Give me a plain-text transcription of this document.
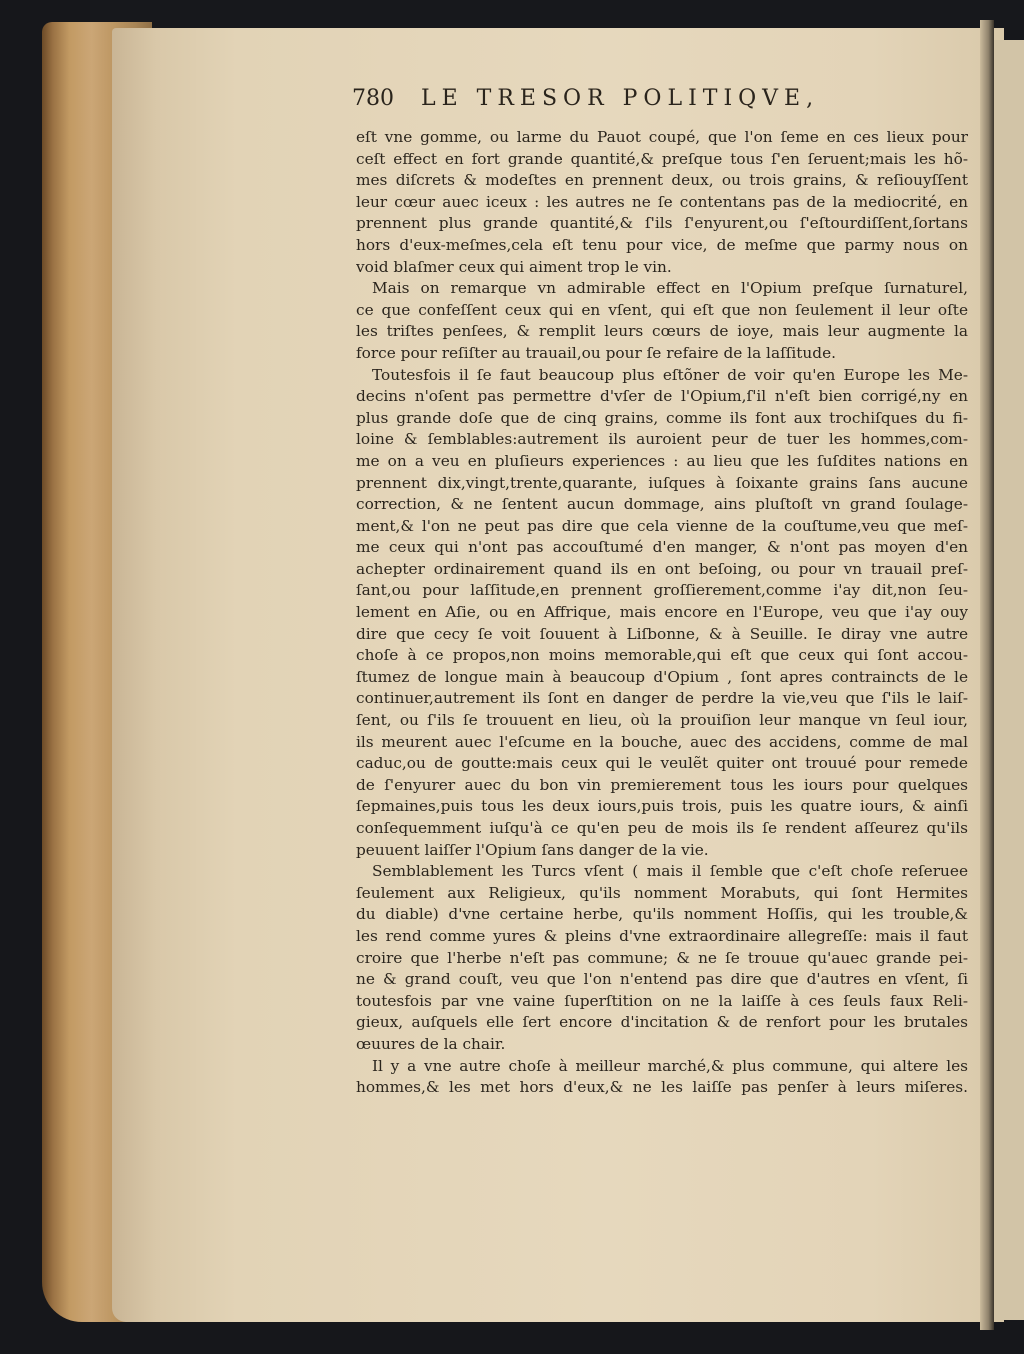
780 LE TRESOR POLITIQVE,
eſt vne gomme, ou larme du Pauot coupé, que l'on ſeme en ces lieux pour
ceſt effect en fort grande quantité,& preſque tous ſ'en ſeruent;mais les hõ-
mes diſcrets & modeſtes en prennent deux, ou trois grains, & reſiouyſſent
leur cœur auec iceux : les autres ne ſe contentans pas de la mediocrité, en
prennent plus grande quantité,& ſ'ils ſ'enyurent,ou ſ'eſtourdiſſent,ſortans
hors d'eux-meſmes,cela eſt tenu pour vice, de meſme que parmy nous on
void blaſmer ceux qui aiment trop le vin.
Mais on remarque vn admirable effect en l'Opium preſque ſurnaturel,
ce que confeſſent ceux qui en vſent, qui eſt que non ſeulement il leur oſte
les triſtes penſees, & remplit leurs cœurs de ioye, mais leur augmente la
force pour reſiſter au trauail,ou pour ſe refaire de la laſſitude.
Toutesfois il ſe faut beaucoup plus eſtõner de voir qu'en Europe les Me-
decins n'oſent pas permettre d'vſer de l'Opium,ſ'il n'eſt bien corrigé,ny en
plus grande doſe que de cinq grains, comme ils font aux trochiſques du fi-
loine & ſemblables:autrement ils auroient peur de tuer les hommes,com-
me on a veu en pluſieurs experiences : au lieu que les ſuſdites nations en
prennent dix,vingt,trente,quarante, iuſques à ſoixante grains ſans aucune
correction, & ne ſentent aucun dommage, ains pluſtoſt vn grand ſoulage-
ment,& l'on ne peut pas dire que cela vienne de la couſtume,veu que meſ-
me ceux qui n'ont pas accouſtumé d'en manger, & n'ont pas moyen d'en
achepter ordinairement quand ils en ont beſoing, ou pour vn trauail preſ-
ſant,ou pour laſſitude,en prennent groſſierement,comme i'ay dit,non ſeu-
lement en Aſie, ou en Affrique, mais encore en l'Europe, veu que i'ay ouy
dire que cecy ſe voit ſouuent à Liſbonne, & à Seuille. Ie diray vne autre
choſe à ce propos,non moins memorable,qui eſt que ceux qui ſont accou-
ſtumez de longue main à beaucoup d'Opium , ſont apres contraincts de le
continuer,autrement ils ſont en danger de perdre la vie,veu que ſ'ils le laiſ-
ſent, ou ſ'ils ſe trouuent en lieu, où la prouiſion leur manque vn ſeul iour,
ils meurent auec l'eſcume en la bouche, auec des accidens, comme de mal
caduc,ou de goutte:mais ceux qui le veulẽt quiter ont trouué pour remede
de ſ'enyurer auec du bon vin premierement tous les iours pour quelques
ſepmaines,puis tous les deux iours,puis trois, puis les quatre iours, & ainſi
conſequemment iuſqu'à ce qu'en peu de mois ils ſe rendent aſſeurez qu'ils
peuuent laiſſer l'Opium ſans danger de la vie.
Semblablement les Turcs vſent ( mais il ſemble que c'eſt choſe reſeruee
ſeulement aux Religieux, qu'ils nomment Morabuts, qui ſont Hermites
du diable) d'vne certaine herbe, qu'ils nomment Hoſſis, qui les trouble,&
les rend comme yures & pleins d'vne extraordinaire allegreſſe: mais il faut
croire que l'herbe n'eſt pas commune; & ne ſe trouue qu'auec grande pei-
ne & grand couſt, veu que l'on n'entend pas dire que d'autres en vſent, ſi
toutesfois par vne vaine ſuperſtition on ne la laiſſe à ces ſeuls faux Reli-
gieux, auſquels elle ſert encore d'incitation & de renfort pour les brutales
œuures de la chair.
Il y a vne autre choſe à meilleur marché,& plus commune, qui altere les
hommes,& les met hors d'eux,& ne les laiſſe pas penſer à leurs miſeres.
